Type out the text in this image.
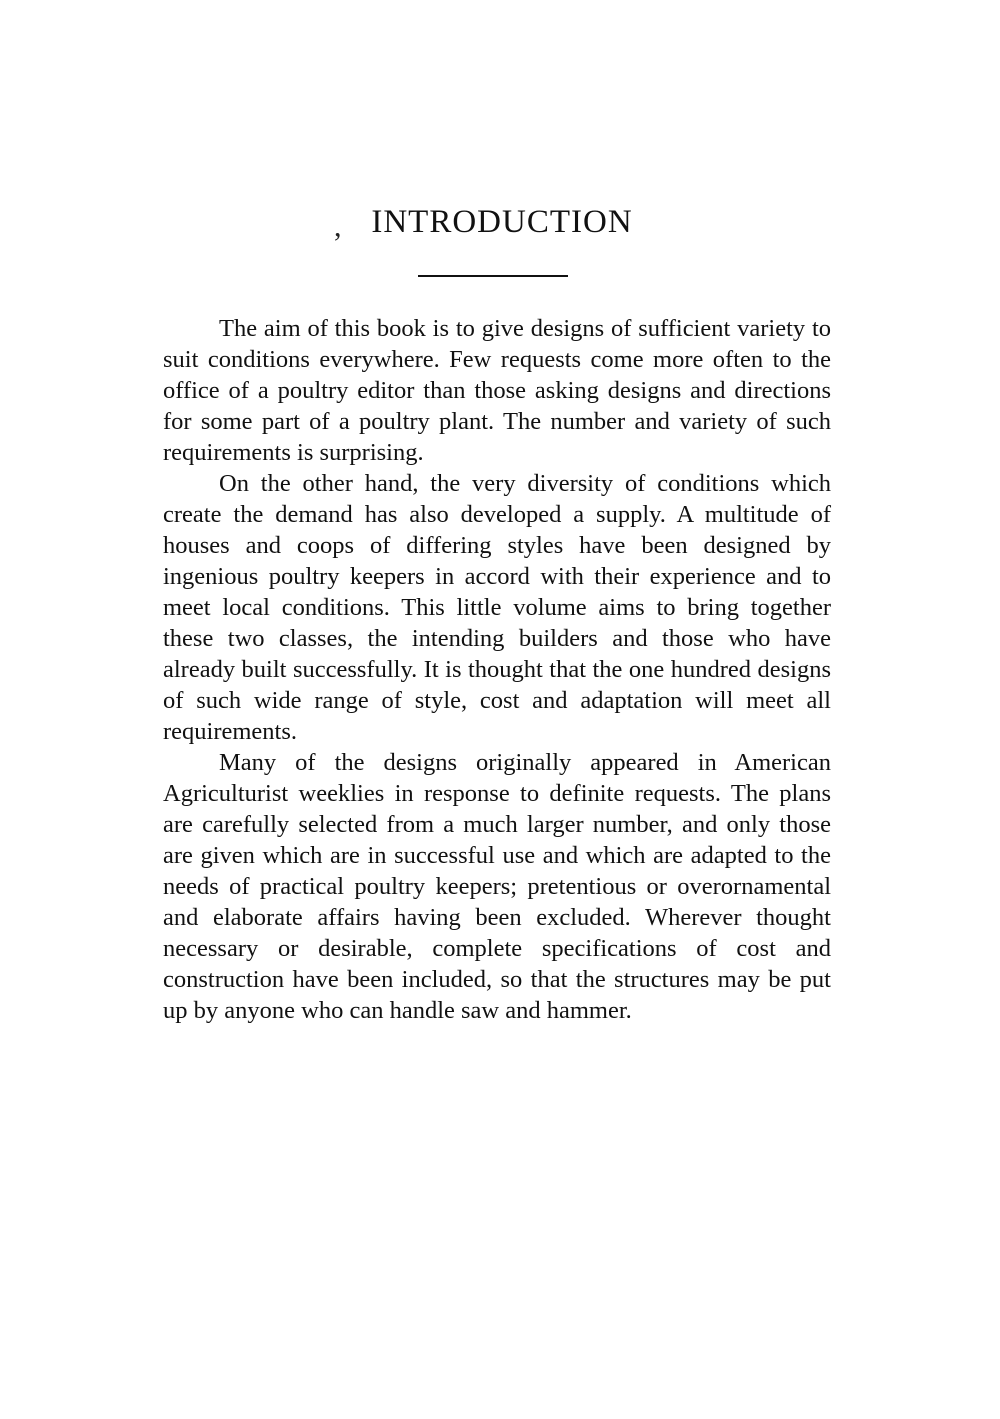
, INTRODUCTION

The aim of this book is to give designs of sufficient variety to suit conditions everywhere. Few requests come more often to the office of a poultry editor than those asking designs and directions for some part of a poultry plant. The number and variety of such requirements is surprising.

On the other hand, the very diversity of conditions which create the demand has also developed a supply. A multitude of houses and coops of differing styles have been designed by ingenious poultry keepers in accord with their experience and to meet local conditions. This little volume aims to bring together these two classes, the intending builders and those who have already built successfully. It is thought that the one hundred designs of such wide range of style, cost and adaptation will meet all requirements.

Many of the designs originally appeared in American Agriculturist weeklies in response to definite requests. The plans are carefully selected from a much larger number, and only those are given which are in successful use and which are adapted to the needs of practical poultry keepers; pretentious or overornamental and elaborate affairs having been excluded. Wherever thought necessary or desirable, complete specifications of cost and construction have been included, so that the structures may be put up by anyone who can handle saw and hammer.
